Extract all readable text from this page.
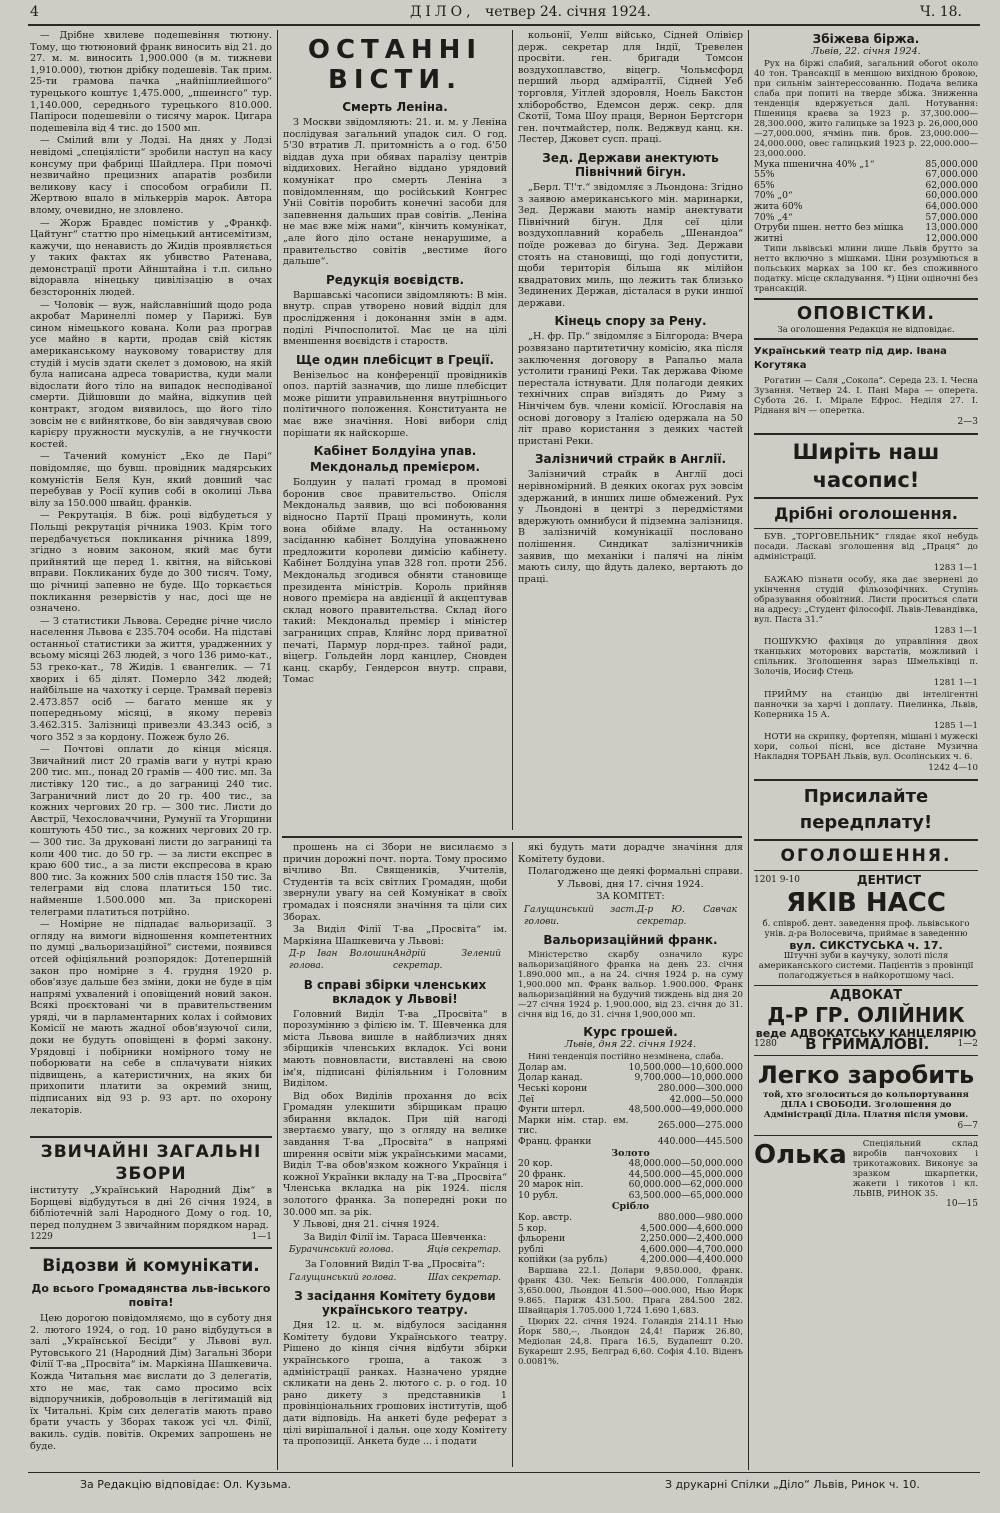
4	ДІЛО, четвер 24. січня 1924.	Ч. 18.

— Дрібне хвилеве подешевіння тютюну. Тому, що тютюновий франк виносить від 21. до 27. м. м. виносить 1,900.000 (в м. тижневи 1,910.000), тютюн дрібку подешевів. Так прим. 25-ти грамова пачка „найпішлиейшого“ турецького коштує 1,475.000, „пшеинсго“ тур. 1,140.000, середнього турецького 810.000. Папіроси подешевіли о тисячу марок. Цигара подешевіла від 4 тис. до 1500 мп.

— Смілий вли у Лодзі. На днях у Лодзі невідомі „спеціялісти“ зробили наступ на касу консуму при фабриці Шайдлера. При помочі незвичайно прецизних апаратів розбили великову касу і способом ограбили П. Жертвою впало в мількеррів марок. Автора вломy, очевидно, не зловлено.

— Жорж Бравдес помістив у „Франкф. Цайтунг“ статтю про німецький антисемітизм, кажучи, що ненависть до Жидів проявляється у таких фактах як убивство Ратенава, демонстрації проти Айнштайна і т.п. сильно відоравла нінецьку цивілізацію в очах безсторонніх людей.

— Чоловік — вуж, найславніший щодо рода акробат Маринеллі помер у Парижі. Був сином німецького кована. Коли раз програв усе майно в карти, продав свій кістяк американському науковому товариству для студій і мусів здати скелет з домовою, на якій була написана адреса товариства, куди мали відослати його тіло на випадок несподіваної смерти. Дійшовши до майна, відкупив цей контракт, згодом виявилось, що його тіло зовсім не є вийнятковe, бо він завдячував свою карієру пружности мускулів, а не гнучкости костей.

— Тачений комуніст „Еко де Парі“ повідомляє, що бувш. провідник мадярських комуністів Беля Кун, який довший час перебував у Росії купив собі в околиці Льва вілу за 150.000 швайц. франків.

— Рекрутація. В біж. році відбудеться у Польщі рекрутація річника 1903. Крім того передбачується покликання річника 1899, згідно з новим законом, який має бути прийнятий ще перед 1. квітня, на військові вправи. Покликаних буде до 300 тисяч. Тому, що річниці запевно не буде. Що торкається покликання резервістів у нас, досі ще не означено.

— З статистики Львова. Середнє річне число населення Львова є 235.704 особи. На підставі останньої статистики за життя, урадженних у всьому місяці 263 людей, з чого 136 римо-кат., 53 греко-кат., 78 Жидів. 1 євангелик. — 71 хворих і 65 ділят. Померло 342 людей; найбільше на чахотку і серце. Трамвай перевіз 2.473.857 осіб — багато менше як у попередньому місяці, в якому перевіз 3.462.315. Залізниці привезли 43.343 осіб, з чого 352 з за кордону. Пожеж було 26.

— Почтові оплати до кінця місяця. Звичайний лист 20 грамів ваги у нутрі краю 200 тис. мп., понад 20 грамів — 400 тис. мп. За листівку 120 тис., а до заграниці 240 тис. Заграничний лист до 20 гр. 400 тис., за кожних чергових 20 гр. — 300 тис. Листи до Австрії, Чехословаччини, Румунії та Угорщини коштують 450 тис., за кожних чергових 20 гр. — 300 тис. За друковані листи до заграниці та коли 400 тис. до 50 гр. — за листи експрес в краю 600 тис., а за листи експресова в краю 800 тис. За кожних 500 слів пластя 150 тис. За телеграми від слова платиться 150 тис. найменше 1.500.000 мп. За прискорені телеграми платиться потрійно.

— Номірне не підпадає вальоризації. З огляду на вимоги відношення компетентних по думці „вальоризаційної“ системи, появився отсей офіціяльний розпорядок: Дотепершній закон про номірне з 4. грудня 1920 р. обов'язує дальше без зміни, доки не буде в цім напрямі ухвалений і оповіщений новий закон. Всякі проєктовані чи в правительственим уряді, чи в парламентарних колах і соймових Комісії не мають жадної обов'язуючої сили, доки не будуть оповіщені в формі закону. Урядовці і побірники номірного тому не поборювати на себе в сплачувати ніяких підвищень, а катеристичних, на яких би прихопити платити за окремий знищ, підписаних від 93 р. 93 арт. по охорону лекаторів.

ЗВИЧАЙНІ ЗАГАЛЬНІ ЗБОРИ

інституту „Український Народний Дім“ в Борщеві відбудуться в дні 26 січня 1924, в бібліотечній залі Народного Дому о год. 10, перед полуднем 3 звичайним порядком нарад.

1229	1—1
Відозви й комунікати.
До всього Громадянства льв-івського повіта!

Цею дорогою повідомляємо, що в суботу дня 2. лютого 1924, о год. 10 рано відбудуться в залі „Української Бесіди“ у Львові вул. Рутовського 21 (Народний Дім) Загальні Збори Філії Т-ва „Просвіта“ ім. Маркіяна Шашкевича. Кожда Читальня має вислати до 3 делегатів, хто не має, так само просимо всіх відпоручників, добровольців в легітимацій від їх Читальні. Крім сих делегатів мають право брати участь у Зборах також усі чл. Філії, вакиль. судів. повітів. Окремих запрошень не буде.

ОСТАННІ ВІСТИ.
Смерть Леніна.

З Москви звідомляють: 21. и. м. у Леніна послідувая загальний упадок сил. О год. 5'30 втратив Л. притомність а о год. 6'50 віддав духа при обявах паралізу центрів віддихових. Негайно віддано урядовий комунікат про смерть Леніна з повідомленням, що російський Конгрес Уніі Совітів поробить конечні засоби для запевнення дальших прав совітів. „Леніна не має вже між нами“, кінчить комунікат, „але його діло остане ненарушиме, а правительство совітів „вестиме його дальше“.

Редукція воєвідств.

Варшавські часописи звідомляють: В мін. внутр. справ утворено новий відділ для прослідження і доконання змін в адм. поділі Річпосполитої. Має це на цілі вменшення воєвідств і староств.

Ще один плебісцит в Греції.

Венізельос на конференції провідників опоз. партій зазначив, що лише плебісцит може рішити управильнення внутрішнього політичного положення. Конституанта не має вже значіння. Нові вибори слід порішати як найскорше.

Кабінет Болдуіна упав.
Мекдональд премієром.

Болдуин у палаті громад в промові боронив своє правительство. Опісля Мекдональд заявив, що всі побоювання відносно Партії Праці проминуть, коли вона обійме владу. На останньому засіданню кабінет Болдуіна уповажнено предложити королеви димісію кабінету. Кабінет Болдуіна упав 328 гол. проти 256. Мекдональд згодився обняти становище президента міністрів. Король прийняв нового премієра на авдієнції й акцептував склад нового правительства. Склад його такий: Мекдональд премієр і міністер заграницих справ, Кляйнс лорд приватної печаті, Пармур лорд-през. тайної ради, віцегр. Гольдейн лорд канцлер, Сновден канц. скарбу, Гендерсон внутр. справи, Томас

прошень на сі Збори не висилаємо з причин дорожні почт. порта. Тому просимо вічливо Вп. Священиків, Учителів, Студентів та всіх світлих Громадян, щоби звернули увагу на сей Комунікат в своїх громадах і поясняли значіння та ціли сих Зборах.

За Виділ Філії Т-ва „Просвіта“ ім. Маркіяна Шашкевича у Львові:

Д-р Іван Волошин голова.
Андрій Зелений секретар.
В справі збірки членських вкладок у Львові!

Головний Виділ Т-ва „Просвіта“ в порозумінню з філією ім. Т. Шевченка для міста Львова вишле в найблизчих днях збірщиків членських вкладок. Усі вони мають повновласти, виставлені на свою ім'я, підписані філіяльним і Головним Виділом.

Від обох Виділів прохання до всіх Громадян улекшити збірщикам працю збирання вкладок. При цій нагоді звертаємо увагу, що з огляду на велике завдання Т-ва „Просвіта“ в напрямі ширення освіти між українськими масами, Виділ Т-ва обов'язком кожного Українця і кожної Українки вкладу на Т-ва „Просвіта“ Членська вкладка на рік 1924. після золотого франка. За попередні роки по 30.000 мп. за рік.

У Львові, дня 21. січня 1924.

За Виділ Філії ім. Тараса Шевченка:

Бурачинський голова.	Яців секретар.

За Головний Виділ Т-ва „Просвіта“:

Галущинський голова.	Шах секретар.
З засідання Комітету будови українського театру.

Дня 12. ц. м. відбулося засідання Комітету будови Українського театру. Рішено до кінця січня відбути збірки українського грошa, а також з адміністрації ранках. Назначено урядне скликати на день 2. лютого с. р. о год. 10 рано дикету з представників 1 провінціональних грошових інститутів, щоб дати відповідь. На анкеті буде реферат з цілі вирішальної і дальн. оце ходу Комітету та пропозиції. Анкета буде ... і подати

кольонії, Уелш військо, Сідней Олівієр держ. секретар для Індії, Тревелен просвіти. ген. бригади Томсон воздухоплавство, віцегр. Чольмсфорд перший льорд адміралтії, Сідней Уеб торговля, Уітлей здоровля, Ноель Бакстон хліборобство, Едемсон держ. секр. для Скотії, Тома Шоу праця, Вернон Бертсгорн ген. почтмайстер, полк. Веджвуд канц. кн. Лестер, Джовет сусп. праці.

Зед. Держави анектують Північний бігун.

„Берл. Т!'т.“ звідомляє з Льондона: Згідно з заявою американського мін. маринарки, Зед. Держави мають намір анектувати Північний бігун. Для сеї ціли воздухоплавний корабель „Шенандоа“ поїде рожеваз до бігуна. Зед. Держави стоять на становищі, що годі допустити, щоби територія більша як мілійон квадратових миль, що лежить так близько Зединених Держав, дісталася в руки иншої держави.

Кінець спору за Рену.

„Н. фр. Пр.“ звідомляє з Білгорода: Вчера розвязано партитетичну комісію, яка після заключення договору в Рапальо мала устолити границі Реки. Так держава Фіюме перестала істнувати. Для полагоди деяких технічних справ виїздять до Риму з Нінчічем був. члени комісії. Югославія на основі договору з Італією одержала на 50 літ право користання з деяких частей пристані Реки.

Залізничий страйк в Англії.

Залізничий страйк в Англії досі нерівномірний. В деяких окогах рух зовсім здержаний, в инших лише обмежений. Рух у Льондоні в центрі з передмістями вдержують омнибуси й підземна залізниця. В залізничій комунікації пословано полішення. Синдикат залізничників заявив, що механіки і палячі на лінім мають силу, що йдуть далеко, вертають до праці.

які будуть мати дорадчe значіння для Комітету будови.

Полагоджено ще деякі формальні справи.

У Львові, дня 17. січня 1924.

ЗА КОМІТЕТ:

Галущинський заст. голови.
Д-р Ю. Савчак секретар.
Вальоризаційний франк.

Міністерство скарбу означило курс вальоризаційного франка на день 23. січня 1.890.000 мп., а на 24. січня 1924 р. на суму 1,900.000 мп. Франк вальор. 1.900.000. Франк вальоризаційний на будучий тиждень від дня 20—27 січня 1924 р. 1,900.000, від 23. січня до 31. січня від 16, до 31. січня 1,900,000 мп.

Курс грошей.

Львів, дня 22. січня 1924.

Нині тенденція постійно незмінена, слаба.

Долар ам.	10,500.000—10,600.000
Долар канад.	9,700.000—10,000.000
Чеські корони	280.000—300.000
Леї	42.000—50.000
Фунти штерл.	48,500.000—49,000.000
Марки нім. стар. ем. тис.	265.000—275.000
Франц. франки	440.000—445.500
Золото
20 кор.	48,000.000—50,000.000
20 франк.	44,500.000—45,000.000
20 марок ніп.	60,000.000—62,000.000
10 рубл.	63,500.000—65,000.000
Срібло
Кор. австр.	880.000—980.000
5 кор.	4,500.000—4,600.000
фльорени	2,250.000—2,400.000
рублі	4,600.000—4,700.000
копійки (за рубль)	4,200.000—4,400.000

Варшава 22.1. Долари 9,850.000, франк. франк 430. Чек: Бельгія 400.000, Голландія 3,650.000, Льондон 41.500—000.000, Нью Йорк 9.865. Париж 431.500. Прага 284.500 282. Швайцарія 1.705.000 1,724 1.690 1,683.

Цюрих 22. січня 1924. Голандія 214.11 Нью Йорк 580,--, Льондон 24,4! Париж 26.80, Медіолан 24,8. Прага 16.5, Будапешт 0.20. Букарешт 2.95, Белград 6,60. Софія 4.10. Віденъ 0.0081%.

Збіжева біржа.

Львів, 22. січня 1924.

Рух на біржі слабий, загальний обоrot около 40 тон. Трансакції в меншою вихідною бровою, при сильнім заінтерессованню. Подача велика слаба при попиті на тверде збіжа. Зниженна тенденція вдержується далі. Нотування: Пшениця краєва за 1923 р. 37,300.000—28,300.000, жито галицьке за 1923 р. 26,000,000—27,000.000, ячмінь пив. бров. 23,000.000—24,000.000, овес галицький 1923 р. 22,000.000—23,000.000.

Мука пшенична 40% „1“	85,000.000
55%	67,000.000
65%	62,000.000
70% „0“	60,000.000
жита 60%	64,000.000
70% „4“	57,000.000
Отруби пшен. нетто без мішка	13,000.000
житні	12,000.000

Типи львівські млини лише Львів брутто за нетто включно з мішками. Ціни розуміються в польських марках за 100 кг. без споживного податку. місце складування. *) Ціни оціночні без трансакцій.

ОПОВІСТКИ.
За оголошення Редакція не відповідає.
Український театр під дир. Івана Когутяка

Рогатин — Саля „Сокола“. Середа 23. І. Чесна Зузання. Четвер 24. І. Пані Мара — оперета. Субота 26. І. Мірале Ефрос. Неділя 27. І. Ріднаня віч — оперетка.

2—3
Ширіть наш часопис!
Дрібні оголошення.

БУВ. „ТОРГОВЕЛЬНИК“ глядає якої небудь посади. Ласкаві зголошення від „Праця“ до адміністрації.

1283 1—1

БАЖАЮ пізнати особу, яка дає звернені до укінчення студій фільозофічних. Ступінь образування обовітний. Листи проситься слати на адресу: „Студент філософії. Львів-Левандівка, вул. Паста 31.“

1283 1—1

ПОШУКУЮ фахівця до управління двох тканцьких моторових варстатів, можливий і спільник. Зголошення зараз Шмельківці п. Золочів, Иосиф Стець

1281 1—1

ПРИЙМУ на станцію двi інтелігентні панночки за харчі і доплату. Пиелинка, Львів, Коперника 15 А.

1285 1—1

НОТИ на скрипку, фортепян, мішані і мужескі хори, сольоі пісні, все дістане Музична Накладня ТОРБАН Львів, вул. Осолінських ч. 6.

1242 4—10
Присилайте передплату!
ОГОЛОШЕННЯ.
1201 9-10	ДЕНТИСТ
ЯКІВ НАСС

б. співроб. дент. заведення проф. львівського унів. д-ра Волосевича, приймає в заведенню

вул. СИКСТУСЬКА ч. 17.

Штучні зуби в каучуку, золоті після американського системи. Пацієнтів з провінції полагоджується в найкоротшому часі.

АДВОКАТ
Д-Р ГР. ОЛІЙНИК
веде АДВОКАТСЬКУ КАНЦЕЛЯРІЮ
1280 В ГРИМАЛОВІ.	1—2
Легко заробить

той, хто зголоситься до кольпортування ДІЛА і СВОБОДИ. Зголошення до Адміністрації Діла. Платня після умови.

6—7
Олька	Спеціяльний склад виробів панчохових і трикотажових. Виконує за зразком шкарпетки, жакети і тикотов і кл. ЛЬВІВ, РИНОК 35.

10—15
За Редакцію відповідає: Ол. Кузьма.	З друкарні Спілки „Діло“ Львів, Ринок ч. 10.
